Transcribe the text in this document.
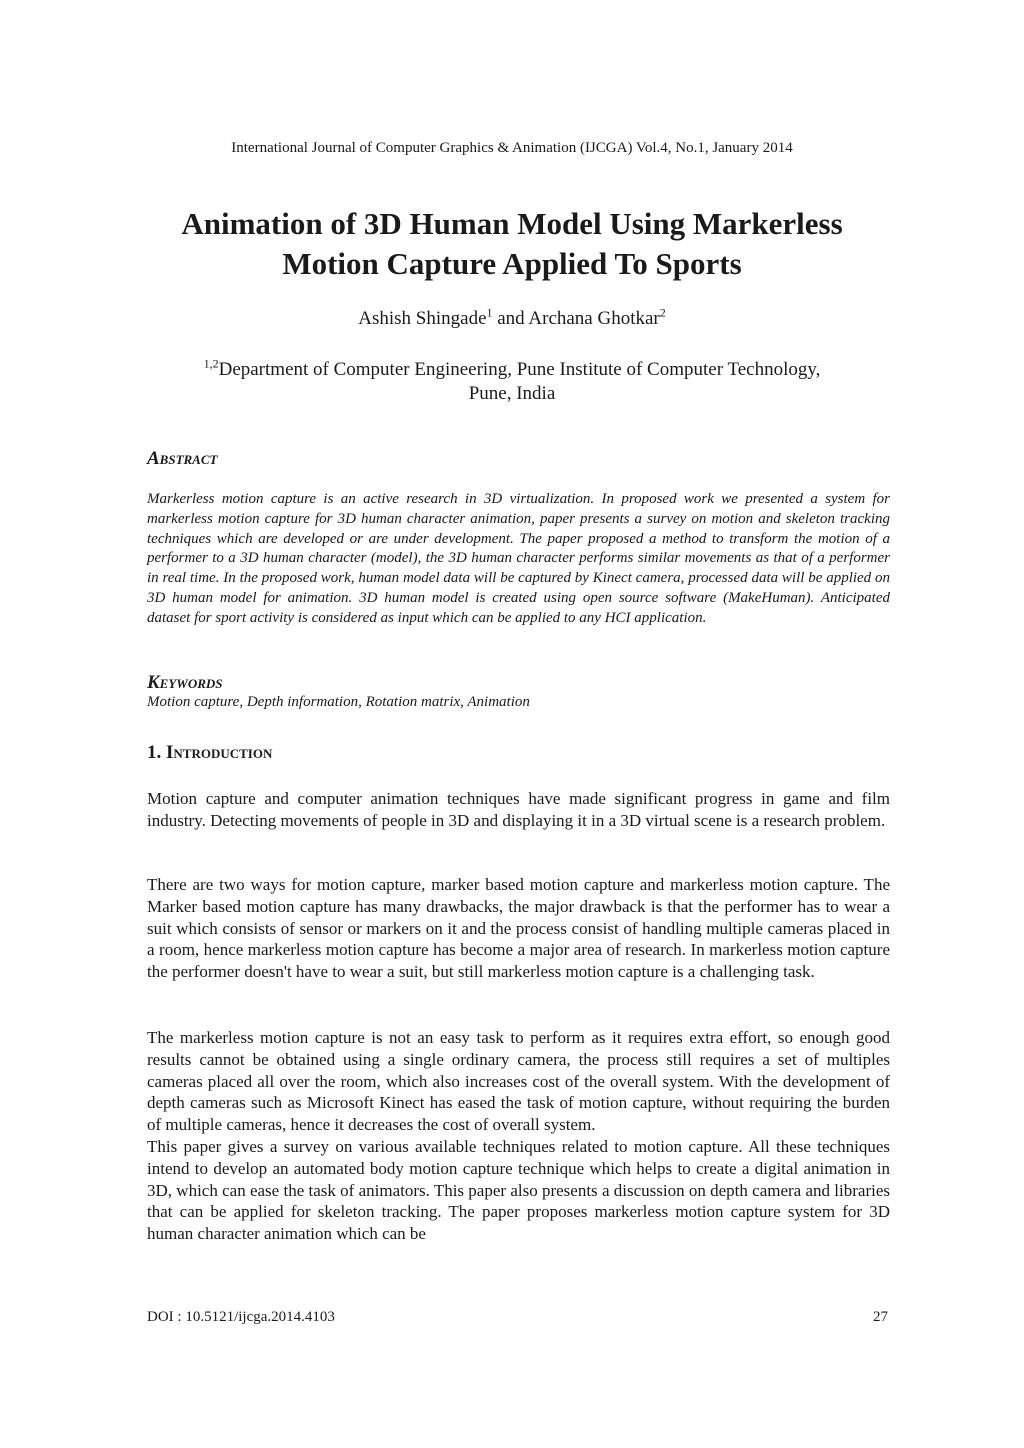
International Journal of Computer Graphics & Animation (IJCGA) Vol.4, No.1, January 2014
Animation of 3D Human Model Using Markerless
Motion Capture Applied To Sports
Ashish Shingade$^1$ and Archana Ghotkar$^2$
$^{1,2}$Department of Computer Engineering, Pune Institute of Computer Technology,
Pune, India
Abstract
Markerless motion capture is an active research in 3D virtualization. In proposed work we presented a system for markerless motion capture for 3D human character animation, paper presents a survey on motion and skeleton tracking techniques which are developed or are under development. The paper proposed a method to transform the motion of a performer to a 3D human character (model), the 3D human character performs similar movements as that of a performer in real time. In the proposed work, human model data will be captured by Kinect camera, processed data will be applied on 3D human model for animation. 3D human model is created using open source software (MakeHuman). Anticipated dataset for sport activity is considered as input which can be applied to any HCI application.
Keywords
Motion capture, Depth information, Rotation matrix, Animation
1. Introduction
Motion capture and computer animation techniques have made significant progress in game and film industry. Detecting movements of people in 3D and displaying it in a 3D virtual scene is a research problem.
There are two ways for motion capture, marker based motion capture and markerless motion capture. The Marker based motion capture has many drawbacks, the major drawback is that the performer has to wear a suit which consists of sensor or markers on it and the process consist of handling multiple cameras placed in a room, hence markerless motion capture has become a major area of research. In markerless motion capture the performer doesn't have to wear a suit, but still markerless motion capture is a challenging task.
The markerless motion capture is not an easy task to perform as it requires extra effort, so enough good results cannot be obtained using a single ordinary camera, the process still requires a set of multiples cameras placed all over the room, which also increases cost of the overall system. With the development of depth cameras such as Microsoft Kinect has eased the task of motion capture, without requiring the burden of multiple cameras, hence it decreases the cost of overall system.
This paper gives a survey on various available techniques related to motion capture. All these techniques intend to develop an automated body motion capture technique which helps to create a digital animation in 3D, which can ease the task of animators. This paper also presents a discussion on depth camera and libraries that can be applied for skeleton tracking. The paper proposes markerless motion capture system for 3D human character animation which can be
DOI : 10.5121/ijcga.2014.4103	27
